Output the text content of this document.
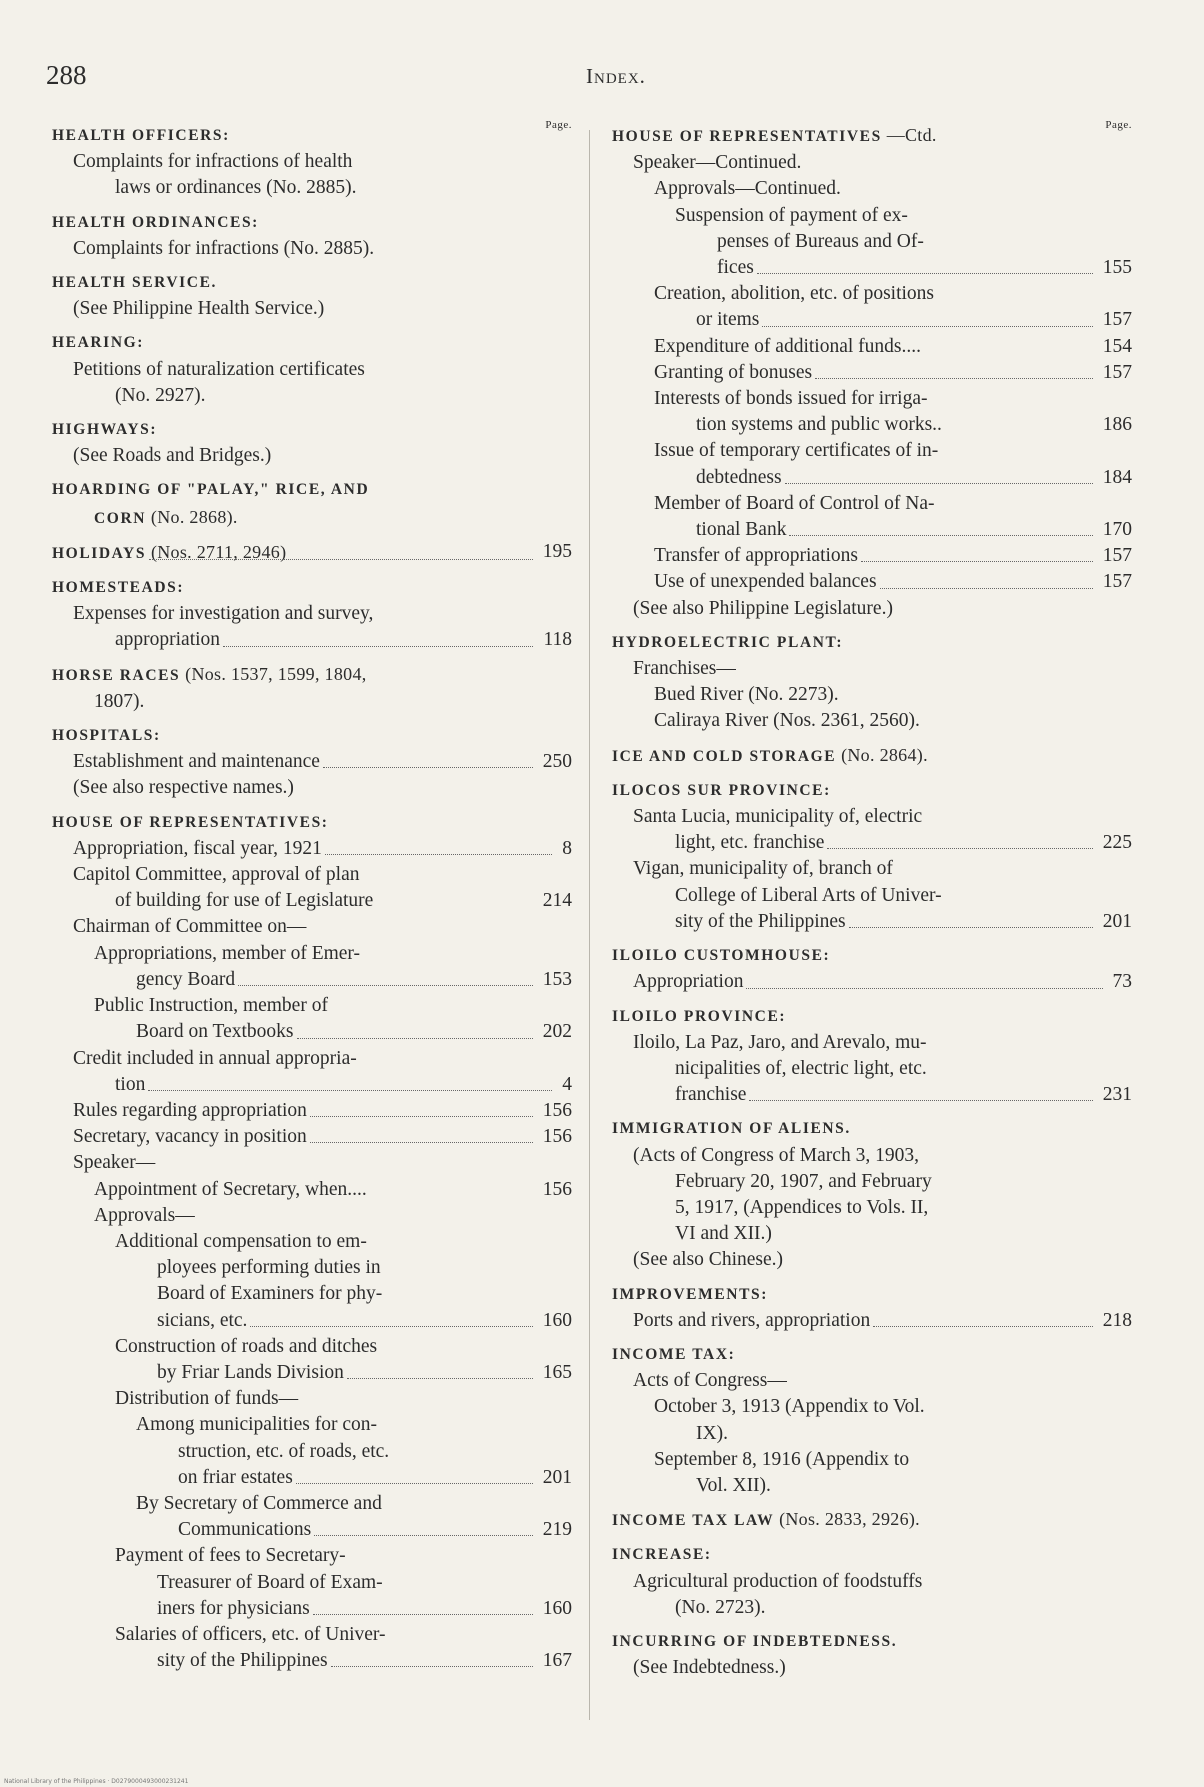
288	Index.
Page.
HEALTH OFFICERS:
Complaints for infractions of health
laws or ordinances (No. 2885).
HEALTH ORDINANCES:
Complaints for infractions (No. 2885).
HEALTH SERVICE.
(See Philippine Health Service.)
HEARING:
Petitions of naturalization certificates
(No. 2927).
HIGHWAYS:
(See Roads and Bridges.)
HOARDING OF "PALAY," RICE, AND
CORN (No. 2868).
HOLIDAYS (Nos. 2711, 2946)	195
HOMESTEADS:
Expenses for investigation and survey,
appropriation	118
HORSE RACES (Nos. 1537, 1599, 1804,
1807).
HOSPITALS:
Establishment and maintenance	250
(See also respective names.)
HOUSE OF REPRESENTATIVES:
Appropriation, fiscal year, 1921	8
Capitol Committee, approval of plan
of building for use of Legislature	214
Chairman of Committee on—
Appropriations, member of Emer-
gency Board	153
Public Instruction, member of
Board on Textbooks	202
Credit included in annual appropria-
tion	4
Rules regarding appropriation	156
Secretary, vacancy in position	156
Speaker—
Appointment of Secretary, when....	156
Approvals—
Additional compensation to em-
ployees performing duties in
Board of Examiners for phy-
sicians, etc.	160
Construction of roads and ditches
by Friar Lands Division	165
Distribution of funds—
Among municipalities for con-
struction, etc. of roads, etc.
on friar estates	201
By Secretary of Commerce and
Communications	219
Payment of fees to Secretary-
Treasurer of Board of Exam-
iners for physicians	160
Salaries of officers, etc. of Univer-
sity of the Philippines	167
Page.
HOUSE OF REPRESENTATIVES —Ctd.
Speaker—Continued.
Approvals—Continued.
Suspension of payment of ex-
penses of Bureaus and Of-
fices	155
Creation, abolition, etc. of positions
or items	157
Expenditure of additional funds....	154
Granting of bonuses	157
Interests of bonds issued for irriga-
tion systems and public works..	186
Issue of temporary certificates of in-
debtedness	184
Member of Board of Control of Na-
tional Bank	170
Transfer of appropriations	157
Use of unexpended balances	157
(See also Philippine Legislature.)
HYDROELECTRIC PLANT:
Franchises—
Bued River (No. 2273).
Caliraya River (Nos. 2361, 2560).
ICE AND COLD STORAGE (No. 2864).
ILOCOS SUR PROVINCE:
Santa Lucia, municipality of, electric
light, etc. franchise	225
Vigan, municipality of, branch of
College of Liberal Arts of Univer-
sity of the Philippines	201
ILOILO CUSTOMHOUSE:
Appropriation	73
ILOILO PROVINCE:
Iloilo, La Paz, Jaro, and Arevalo, mu-
nicipalities of, electric light, etc.
franchise	231
IMMIGRATION OF ALIENS.
(Acts of Congress of March 3, 1903,
February 20, 1907, and February
5, 1917, (Appendices to Vols. II,
VI and XII.)
(See also Chinese.)
IMPROVEMENTS:
Ports and rivers, appropriation	218
INCOME TAX:
Acts of Congress—
October 3, 1913 (Appendix to Vol.
IX).
September 8, 1916 (Appendix to
Vol. XII).
INCOME TAX LAW (Nos. 2833, 2926).
INCREASE:
Agricultural production of foodstuffs
(No. 2723).
INCURRING OF INDEBTEDNESS.
(See Indebtedness.)
National Library of the Philippines · D0279000493000231241
